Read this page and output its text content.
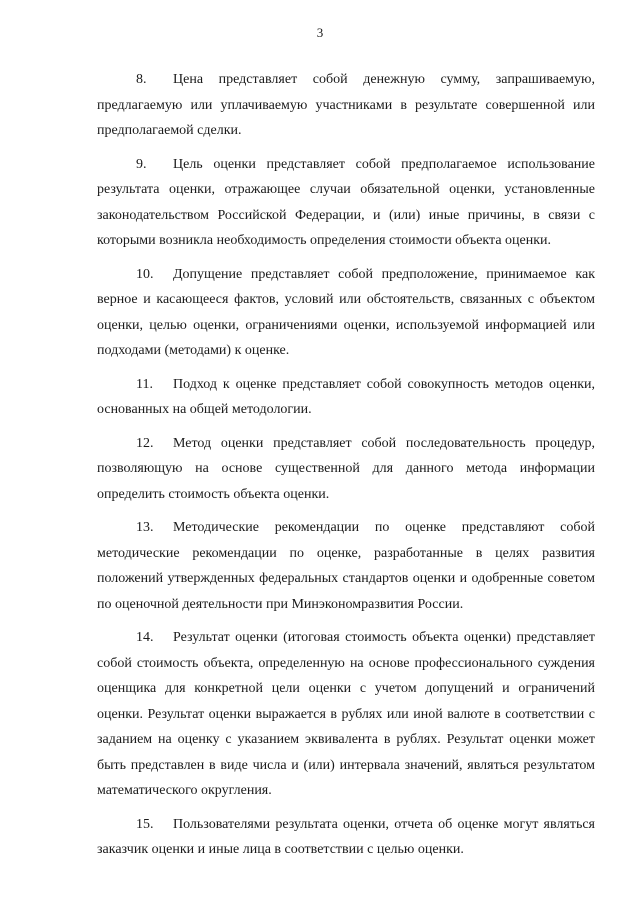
3

8. Цена представляет собой денежную сумму, запрашиваемую, предлагаемую или уплачиваемую участниками в результате совершенной или предполагаемой сделки.

9. Цель оценки представляет собой предполагаемое использование результата оценки, отражающее случаи обязательной оценки, установленные законодательством Российской Федерации, и (или) иные причины, в связи с которыми возникла необходимость определения стоимости объекта оценки.

10. Допущение представляет собой предположение, принимаемое как верное и касающееся фактов, условий или обстоятельств, связанных с объектом оценки, целью оценки, ограничениями оценки, используемой информацией или подходами (методами) к оценке.

11. Подход к оценке представляет собой совокупность методов оценки, основанных на общей методологии.

12. Метод оценки представляет собой последовательность процедур, позволяющую на основе существенной для данного метода информации определить стоимость объекта оценки.

13. Методические рекомендации по оценке представляют собой методические рекомендации по оценке, разработанные в целях развития положений утвержденных федеральных стандартов оценки и одобренные советом по оценочной деятельности при Минэкономразвития России.

14. Результат оценки (итоговая стоимость объекта оценки) представляет собой стоимость объекта, определенную на основе профессионального суждения оценщика для конкретной цели оценки с учетом допущений и ограничений оценки. Результат оценки выражается в рублях или иной валюте в соответствии с заданием на оценку с указанием эквивалента в рублях. Результат оценки может быть представлен в виде числа и (или) интервала значений, являться результатом математического округления.

15. Пользователями результата оценки, отчета об оценке могут являться заказчик оценки и иные лица в соответствии с целью оценки.
